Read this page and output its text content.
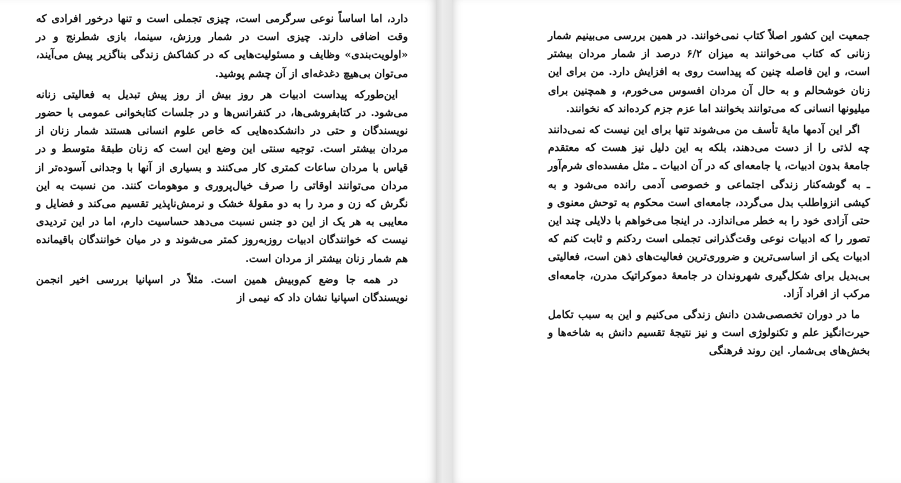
دارد، اما اساساً نوعی سرگرمی است، چیزی تجملی است و تنها درخور افرادی که وقت اضافی دارند. چیزی است در شمار ورزش، سینما، بازی شطرنج و در «اولویت‌بندی» وظایف و مسئولیت‌هایی که در کشاکش زندگی بناگزیر پیش می‌آیند، می‌توان بی‌هیچ دغدغه‌ای از آن چشم پوشید.

این‌طورکه پیداست ادبیات هر روز بیش از روز پیش تبدیل به فعالیتی زنانه می‌شود. در کتابفروشی‌ها، در کنفرانس‌ها و در جلسات کتابخوانی عمومی با حضور نویسندگان و حتی در دانشکده‌هایی که خاص علوم انسانی هستند شمار زنان از مردان بیشتر است. توجیه سنتی این وضع این است که زنان طبقهٔ متوسط و در قیاس با مردان ساعات کمتری کار می‌کنند و بسیاری از آنها با وجدانی آسوده‌تر از مردان می‌توانند اوقاتی را صرف خیال‌پروری و موهومات کنند. من نسبت به این نگرش که زن و مرد را به دو مقولهٔ خشک و نرمش‌ناپذیر تقسیم می‌کند و فضایل و معایبی به هر یک از این دو جنس نسبت می‌دهد حساسیت دارم، اما در این تردیدی نیست که خوانندگان ادبیات روزبه‌روز کمتر می‌شوند و در میان خوانندگان باقیمانده هم شمار زنان بیشتر از مردان است.

در همه جا وضع کم‌وبیش همین است. مثلاً در اسپانیا بررسی اخیر انجمن نویسندگان اسپانیا نشان داد که نیمی از

جمعیت این کشور اصلاً کتاب نمی‌خوانند. در همین بررسی می‌بینیم شمار زنانی که کتاب می‌خوانند به میزان ۶/۲ درصد از شمار مردان بیشتر است، و این فاصله چنین که پیداست روی به افزایش دارد. من برای این زنان خوشحالم و به حال آن مردان افسوس می‌خورم، و همچنین برای میلیونها انسانی که می‌توانند بخوانند اما عزم جزم کرده‌اند که نخوانند.

اگر این آدمها مایهٔ تأسف من می‌شوند تنها برای این نیست که نمی‌دانند چه لذتی را از دست می‌دهند، بلکه به این دلیل نیز هست که معتقدم جامعهٔ بدون ادبیات، یا جامعه‌ای که در آن ادبیات ـ مثل مفسده‌ای شرم‌آور ـ به گوشه‌کنار زندگی اجتماعی و خصوصی آدمی رانده می‌شود و به کیشی انزواطلب بدل می‌گردد، جامعه‌ای است محکوم به توحش معنوی و حتی آزادی خود را به خطر می‌اندازد. در اینجا می‌خواهم با دلایلی چند این تصور را که ادبیات نوعی وقت‌گذرانی تجملی است ردکنم و ثابت کنم که ادبیات یکی از اساسی‌ترین و ضروری‌ترین فعالیت‌های ذهن است، فعالیتی بی‌بدیل برای شکل‌گیری شهروندان در جامعهٔ دموکراتیک مدرن، جامعه‌ای مرکب از افراد آزاد.

ما در دوران تخصصی‌شدن دانش زندگی می‌کنیم و این به سبب تکامل حیرت‌انگیز علم و تکنولوژی است و نیز نتیجهٔ تقسیم دانش به شاخه‌ها و بخش‌های بی‌شمار. این روند فرهنگی
